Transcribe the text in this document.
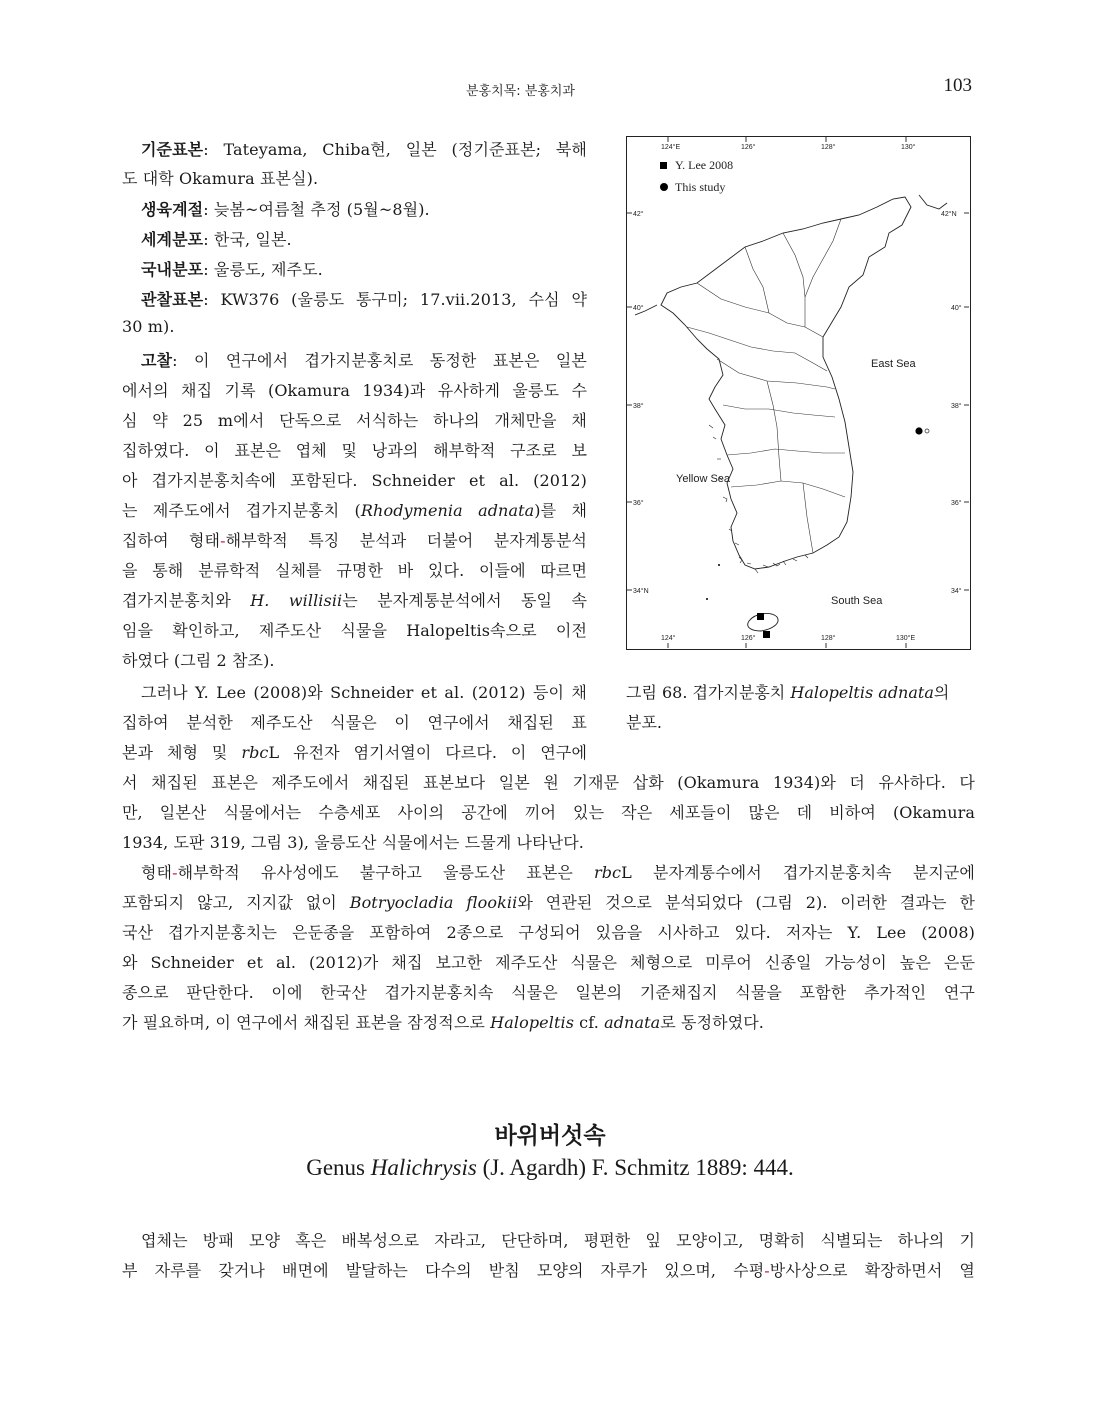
분홍치목: 분홍치과	103
기준표본: Tateyama, Chiba현, 일본 (정기준표본; 북해
도 대학 Okamura 표본실).
생육계절: 늦봄~여름철 추정 (5월~8월).
세계분포: 한국, 일본.
국내분포: 울릉도, 제주도.
관찰표본: KW376 (울릉도 통구미; 17.vii.2013, 수심 약
30 m).
고찰: 이 연구에서 겹가지분홍치로 동정한 표본은 일본
에서의 채집 기록 (Okamura 1934)과 유사하게 울릉도 수
심 약 25 m에서 단독으로 서식하는 하나의 개체만을 채
집하였다. 이 표본은 엽체 및 낭과의 해부학적 구조로 보
아 겹가지분홍치속에 포함된다. Schneider et al. (2012)
는 제주도에서 겹가지분홍치 (Rhodymenia adnata)를 채
집하여 형태-해부학적 특징 분석과 더불어 분자계통분석
을 통해 분류학적 실체를 규명한 바 있다. 이들에 따르면
겹가지분홍치와 H. willisii는 분자계통분석에서 동일 속
임을 확인하고, 제주도산 식물을 Halopeltis속으로 이전
하였다 (그림 2 참조).
그러나 Y. Lee (2008)와 Schneider et al. (2012) 등이 채
집하여 분석한 제주도산 식물은 이 연구에서 채집된 표
본과 체형 및 rbcL 유전자 염기서열이 다르다. 이 연구에
124°E	126°	128°	130°
124°	126°	128°	130°E
42°
40°
38°
36°
34°N
42°N
40°
38°
36°
34°
Y. Lee 2008
This study
East Sea
Yellow Sea
South Sea
그림 68. 겹가지분홍치 Halopeltis adnata의
분포.
서 채집된 표본은 제주도에서 채집된 표본보다 일본 원 기재문 삽화 (Okamura 1934)와 더 유사하다. 다
만, 일본산 식물에서는 수층세포 사이의 공간에 끼어 있는 작은 세포들이 많은 데 비하여 (Okamura
1934, 도판 319, 그림 3), 울릉도산 식물에서는 드물게 나타난다.
형태-해부학적 유사성에도 불구하고 울릉도산 표본은 rbcL 분자계통수에서 겹가지분홍치속 분지군에
포함되지 않고, 지지값 없이 Botryocladia flookii와 연관된 것으로 분석되었다 (그림 2). 이러한 결과는 한
국산 겹가지분홍치는 은둔종을 포함하여 2종으로 구성되어 있음을 시사하고 있다. 저자는 Y. Lee (2008)
와 Schneider et al. (2012)가 채집 보고한 제주도산 식물은 체형으로 미루어 신종일 가능성이 높은 은둔
종으로 판단한다. 이에 한국산 겹가지분홍치속 식물은 일본의 기준채집지 식물을 포함한 추가적인 연구
가 필요하며, 이 연구에서 채집된 표본을 잠정적으로 Halopeltis cf. adnata로 동정하였다.
바위버섯속
Genus Halichrysis (J. Agardh) F. Schmitz 1889: 444.
엽체는 방패 모양 혹은 배복성으로 자라고, 단단하며, 평편한 잎 모양이고, 명확히 식별되는 하나의 기
부 자루를 갖거나 배면에 발달하는 다수의 받침 모양의 자루가 있으며, 수평-방사상으로 확장하면서 열
